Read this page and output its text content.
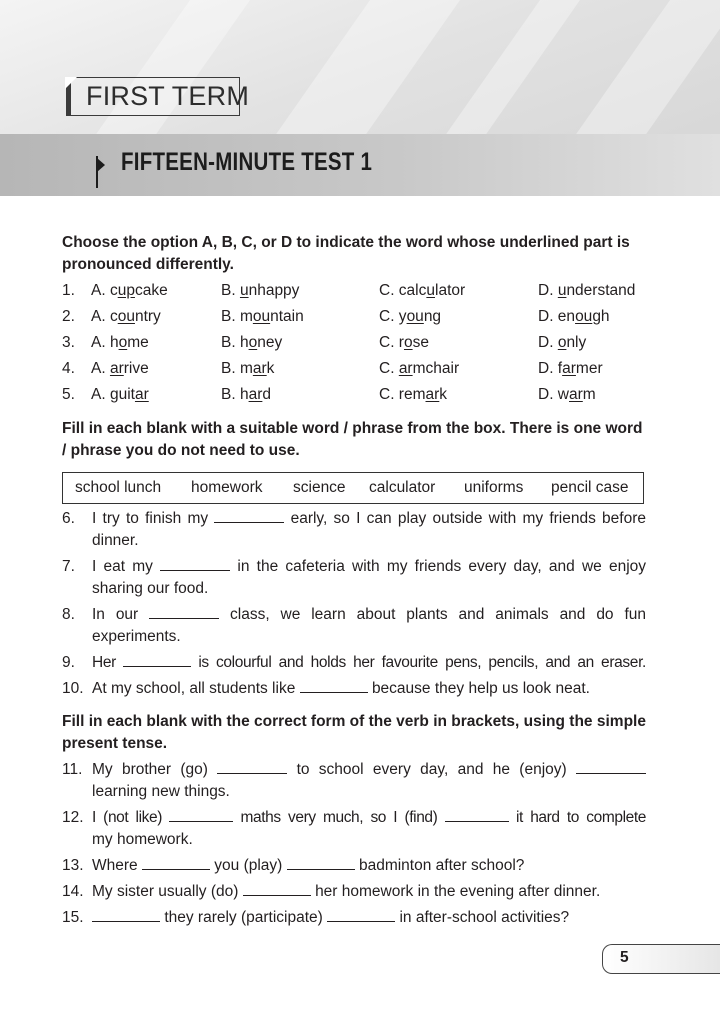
FIRST TERM
FIFTEEN-MINUTE TEST 1
Choose the option A, B, C, or D to indicate the word whose underlined part is pronounced differently.
1. A. cupcake	B. unhappy	C. calculator	D. understand
2. A. country	B. mountain	C. young	D. enough
3. A. home	B. honey	C. rose	D. only
4. A. arrive	B. mark	C. armchair	D. farmer
5. A. guitar	B. hard	C. remark	D. warm
Fill in each blank with a suitable word / phrase from the box. There is one word / phrase you do not need to use.
school lunch homework science calculator uniforms pencil case
6. I try to finish my	early, so I can play outside with my friends before
dinner.
7. I eat my	in the cafeteria with my friends every day, and we enjoy
sharing our food.
8. In our	class, we learn about plants and animals and do fun
experiments.
9. Her	is colourful and holds her favourite pens, pencils, and an eraser.
10. At my school, all students like	because they help us look neat.
Fill in each blank with the correct form of the verb in brackets, using the simple present tense.
11. My brother (go)	to school every day, and he (enjoy)
learning new things.
12. I (not like)	maths very much, so I (find)	it hard to complete
my homework.
13. Where	you (play)	badminton after school?
14. My sister usually (do)	her homework in the evening after dinner.
15.	they rarely (participate)	in after-school activities?
5
